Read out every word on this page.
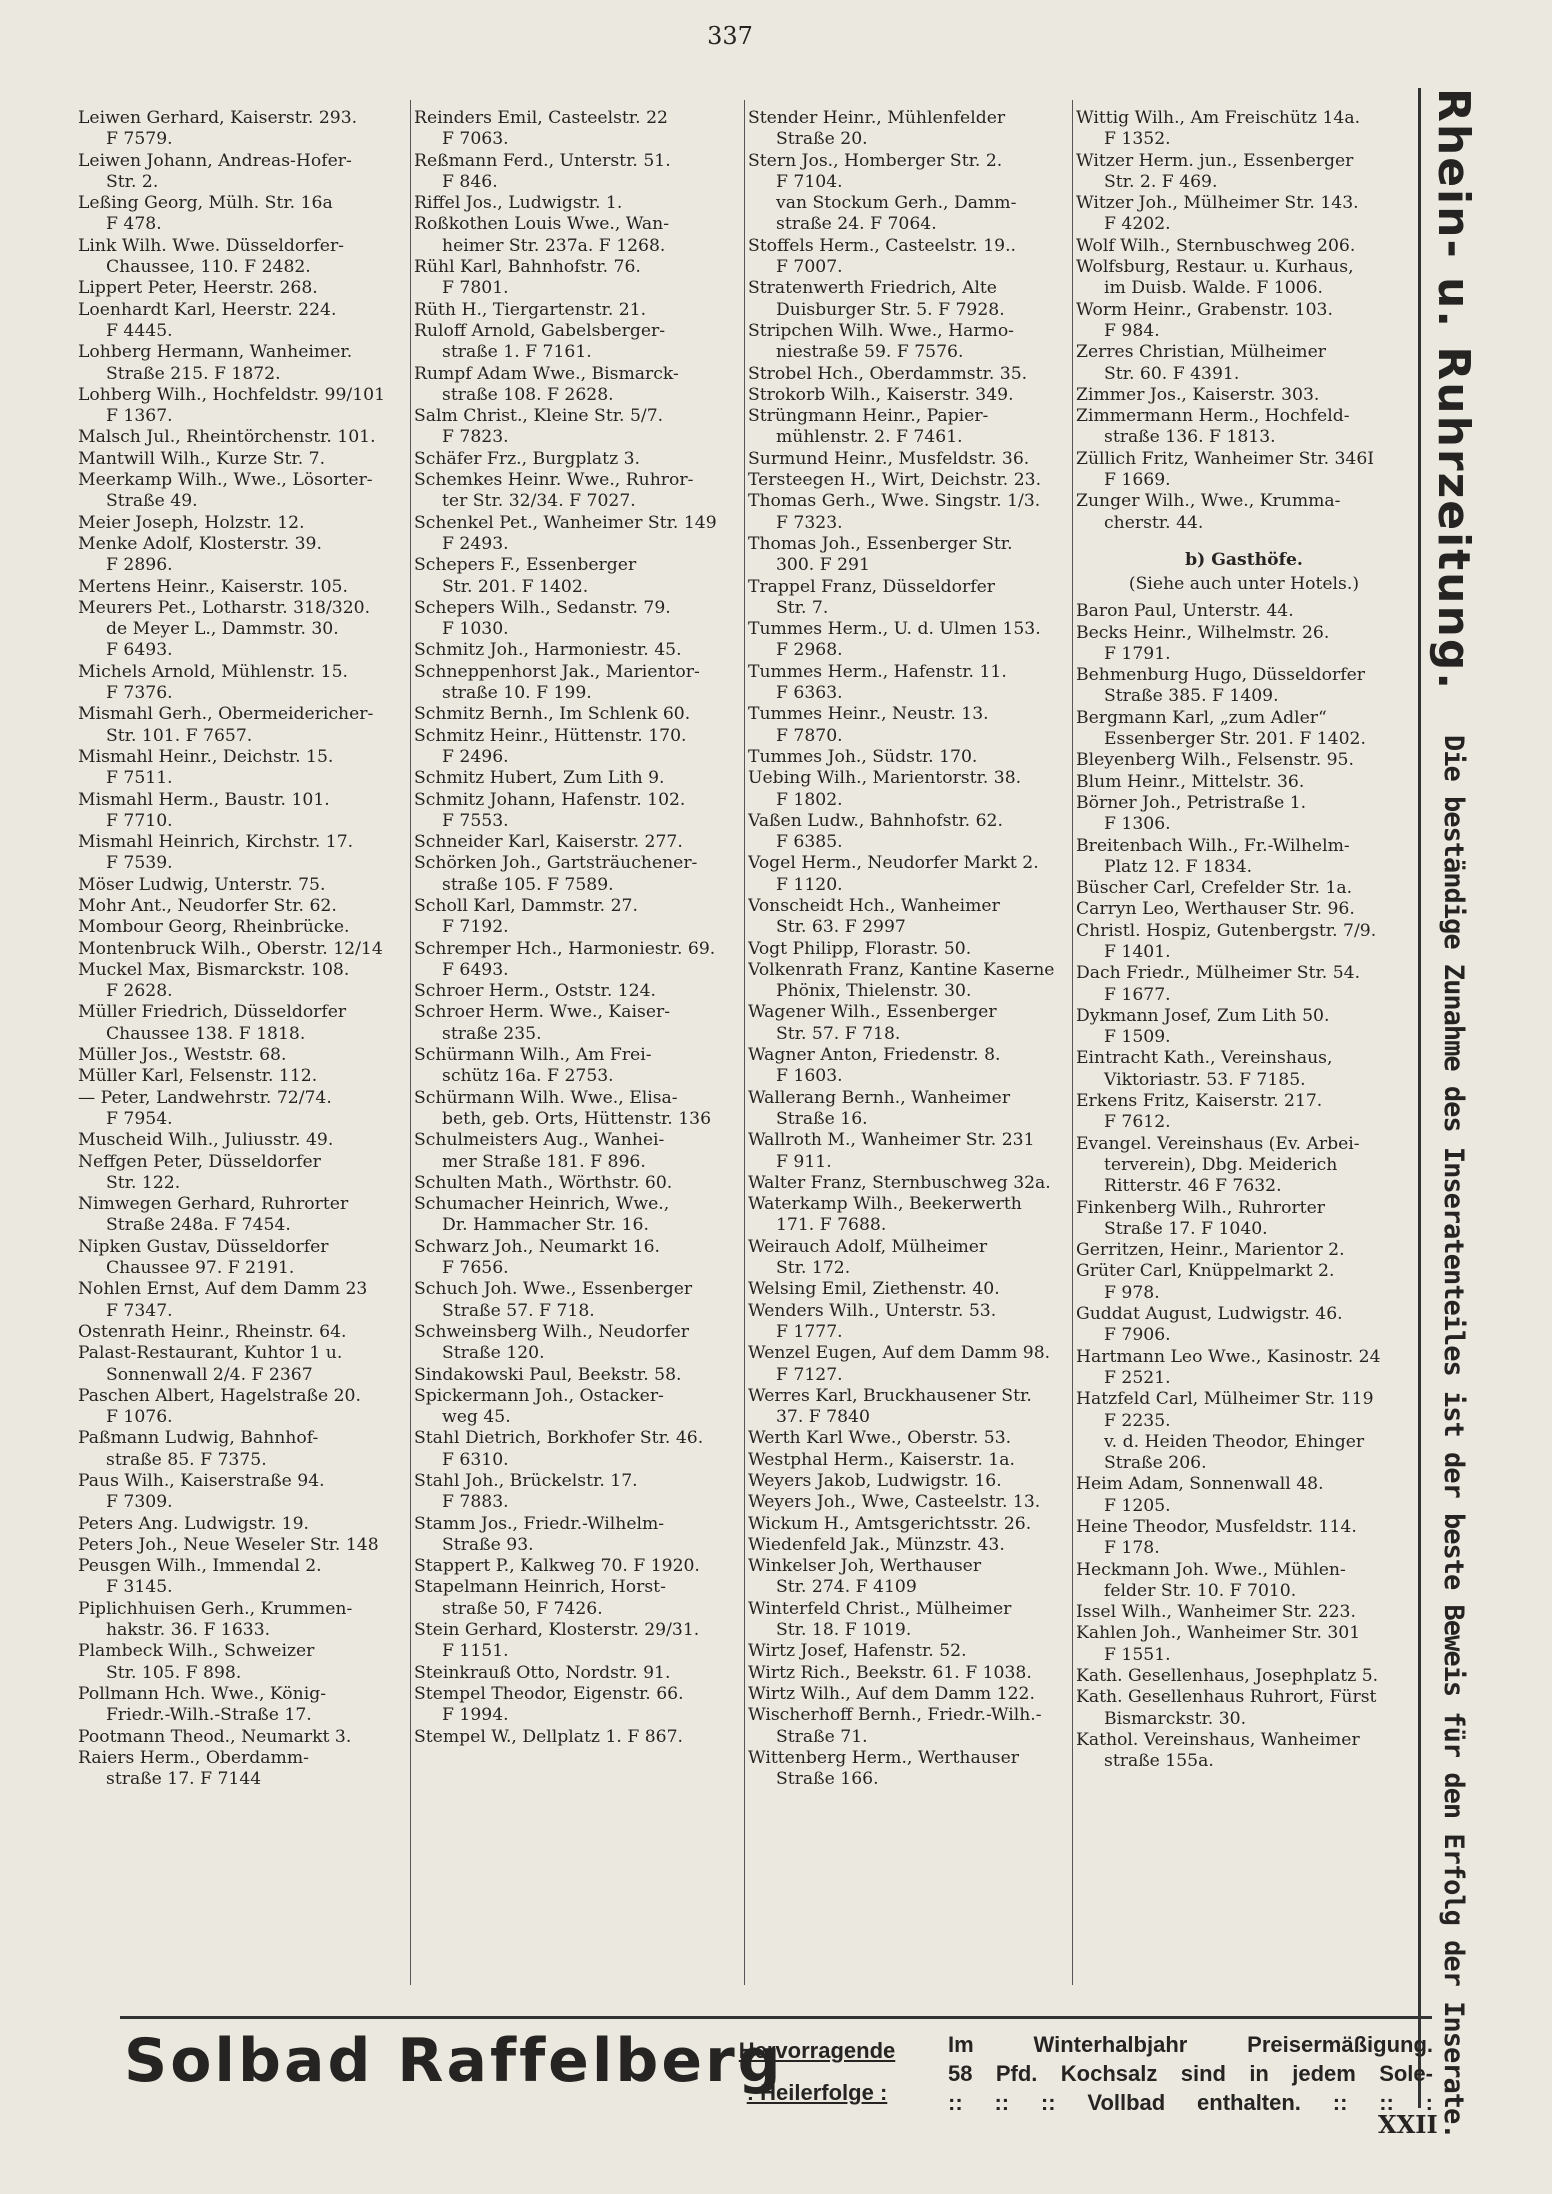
337
Leiwen Gerhard, Kaiserstr. 293.
F 7579.
Leiwen Johann, Andreas-Hofer-
Str. 2.
Leßing Georg, Mülh. Str. 16a
F 478.
Link Wilh. Wwe. Düsseldorfer-
Chaussee, 110. F 2482.
Lippert Peter, Heerstr. 268.
Loenhardt Karl, Heerstr. 224.
F 4445.
Lohberg Hermann, Wanheimer.
Straße 215. F 1872.
Lohberg Wilh., Hochfeldstr. 99/101
F 1367.
Malsch Jul., Rheintörchenstr. 101.
Mantwill Wilh., Kurze Str. 7.
Meerkamp Wilh., Wwe., Lösorter-
Straße 49.
Meier Joseph, Holzstr. 12.
Menke Adolf, Klosterstr. 39.
F 2896.
Mertens Heinr., Kaiserstr. 105.
Meurers Pet., Lotharstr. 318/320.
de Meyer L., Dammstr. 30.
F 6493.
Michels Arnold, Mühlenstr. 15.
F 7376.
Mismahl Gerh., Obermeidericher-
Str. 101. F 7657.
Mismahl Heinr., Deichstr. 15.
F 7511.
Mismahl Herm., Baustr. 101.
F 7710.
Mismahl Heinrich, Kirchstr. 17.
F 7539.
Möser Ludwig, Unterstr. 75.
Mohr Ant., Neudorfer Str. 62.
Mombour Georg, Rheinbrücke.
Montenbruck Wilh., Oberstr. 12/14
Muckel Max, Bismarckstr. 108.
F 2628.
Müller Friedrich, Düsseldorfer
Chaussee 138. F 1818.
Müller Jos., Weststr. 68.
Müller Karl, Felsenstr. 112.
— Peter, Landwehrstr. 72/74.
F 7954.
Muscheid Wilh., Juliusstr. 49.
Neffgen Peter, Düsseldorfer
Str. 122.
Nimwegen Gerhard, Ruhrorter
Straße 248a. F 7454.
Nipken Gustav, Düsseldorfer
Chaussee 97. F 2191.
Nohlen Ernst, Auf dem Damm 23
F 7347.
Ostenrath Heinr., Rheinstr. 64.
Palast-Restaurant, Kuhtor 1 u.
Sonnenwall 2/4. F 2367
Paschen Albert, Hagelstraße 20.
F 1076.
Paßmann Ludwig, Bahnhof-
straße 85. F 7375.
Paus Wilh., Kaiserstraße 94.
F 7309.
Peters Ang. Ludwigstr. 19.
Peters Joh., Neue Weseler Str. 148
Peusgen Wilh., Immendal 2.
F 3145.
Piplichhuisen Gerh., Krummen-
hakstr. 36. F 1633.
Plambeck Wilh., Schweizer
Str. 105. F 898.
Pollmann Hch. Wwe., König-
Friedr.-Wilh.-Straße 17.
Pootmann Theod., Neumarkt 3.
Raiers Herm., Oberdamm-
straße 17. F 7144
Reinders Emil, Casteelstr. 22
F 7063.
Reßmann Ferd., Unterstr. 51.
F 846.
Riffel Jos., Ludwigstr. 1.
Roßkothen Louis Wwe., Wan-
heimer Str. 237a. F 1268.
Rühl Karl, Bahnhofstr. 76.
F 7801.
Rüth H., Tiergartenstr. 21.
Ruloff Arnold, Gabelsberger-
straße 1. F 7161.
Rumpf Adam Wwe., Bismarck-
straße 108. F 2628.
Salm Christ., Kleine Str. 5/7.
F 7823.
Schäfer Frz., Burgplatz 3.
Schemkes Heinr. Wwe., Ruhror-
ter Str. 32/34. F 7027.
Schenkel Pet., Wanheimer Str. 149
F 2493.
Schepers F., Essenberger
Str. 201. F 1402.
Schepers Wilh., Sedanstr. 79.
F 1030.
Schmitz Joh., Harmoniestr. 45.
Schneppenhorst Jak., Marientor-
straße 10. F 199.
Schmitz Bernh., Im Schlenk 60.
Schmitz Heinr., Hüttenstr. 170.
F 2496.
Schmitz Hubert, Zum Lith 9.
Schmitz Johann, Hafenstr. 102.
F 7553.
Schneider Karl, Kaiserstr. 277.
Schörken Joh., Gartsträuchener-
straße 105. F 7589.
Scholl Karl, Dammstr. 27.
F 7192.
Schremper Hch., Harmoniestr. 69.
F 6493.
Schroer Herm., Oststr. 124.
Schroer Herm. Wwe., Kaiser-
straße 235.
Schürmann Wilh., Am Frei-
schütz 16a. F 2753.
Schürmann Wilh. Wwe., Elisa-
beth, geb. Orts, Hüttenstr. 136
Schulmeisters Aug., Wanhei-
mer Straße 181. F 896.
Schulten Math., Wörthstr. 60.
Schumacher Heinrich, Wwe.,
Dr. Hammacher Str. 16.
Schwarz Joh., Neumarkt 16.
F 7656.
Schuch Joh. Wwe., Essenberger
Straße 57. F 718.
Schweinsberg Wilh., Neudorfer
Straße 120.
Sindakowski Paul, Beekstr. 58.
Spickermann Joh., Ostacker-
weg 45.
Stahl Dietrich, Borkhofer Str. 46.
F 6310.
Stahl Joh., Brückelstr. 17.
F 7883.
Stamm Jos., Friedr.-Wilhelm-
Straße 93.
Stappert P., Kalkweg 70. F 1920.
Stapelmann Heinrich, Horst-
straße 50, F 7426.
Stein Gerhard, Klosterstr. 29/31.
F 1151.
Steinkrauß Otto, Nordstr. 91.
Stempel Theodor, Eigenstr. 66.
F 1994.
Stempel W., Dellplatz 1. F 867.
Stender Heinr., Mühlenfelder
Straße 20.
Stern Jos., Homberger Str. 2.
F 7104.
van Stockum Gerh., Damm-
straße 24. F 7064.
Stoffels Herm., Casteelstr. 19..
F 7007.
Stratenwerth Friedrich, Alte
Duisburger Str. 5. F 7928.
Stripchen Wilh. Wwe., Harmo-
niestraße 59. F 7576.
Strobel Hch., Oberdammstr. 35.
Strokorb Wilh., Kaiserstr. 349.
Strüngmann Heinr., Papier-
mühlenstr. 2. F 7461.
Surmund Heinr., Musfeldstr. 36.
Tersteegen H., Wirt, Deichstr. 23.
Thomas Gerh., Wwe. Singstr. 1/3.
F 7323.
Thomas Joh., Essenberger Str.
300. F 291
Trappel Franz, Düsseldorfer
Str. 7.
Tummes Herm., U. d. Ulmen 153.
F 2968.
Tummes Herm., Hafenstr. 11.
F 6363.
Tummes Heinr., Neustr. 13.
F 7870.
Tummes Joh., Südstr. 170.
Uebing Wilh., Marientorstr. 38.
F 1802.
Vaßen Ludw., Bahnhofstr. 62.
F 6385.
Vogel Herm., Neudorfer Markt 2.
F 1120.
Vonscheidt Hch., Wanheimer
Str. 63. F 2997
Vogt Philipp, Florastr. 50.
Volkenrath Franz, Kantine Kaserne
Phönix, Thielenstr. 30.
Wagener Wilh., Essenberger
Str. 57. F 718.
Wagner Anton, Friedenstr. 8.
F 1603.
Wallerang Bernh., Wanheimer
Straße 16.
Wallroth M., Wanheimer Str. 231
F 911.
Walter Franz, Sternbuschweg 32a.
Waterkamp Wilh., Beekerwerth
171. F 7688.
Weirauch Adolf, Mülheimer
Str. 172.
Welsing Emil, Ziethenstr. 40.
Wenders Wilh., Unterstr. 53.
F 1777.
Wenzel Eugen, Auf dem Damm 98.
F 7127.
Werres Karl, Bruckhausener Str.
37. F 7840
Werth Karl Wwe., Oberstr. 53.
Westphal Herm., Kaiserstr. 1a.
Weyers Jakob, Ludwigstr. 16.
Weyers Joh., Wwe, Casteelstr. 13.
Wickum H., Amtsgerichtsstr. 26.
Wiedenfeld Jak., Münzstr. 43.
Winkelser Joh, Werthauser
Str. 274. F 4109
Winterfeld Christ., Mülheimer
Str. 18. F 1019.
Wirtz Josef, Hafenstr. 52.
Wirtz Rich., Beekstr. 61. F 1038.
Wirtz Wilh., Auf dem Damm 122.
Wischerhoff Bernh., Friedr.-Wilh.-
Straße 71.
Wittenberg Herm., Werthauser
Straße 166.
Wittig Wilh., Am Freischütz 14a.
F 1352.
Witzer Herm. jun., Essenberger
Str. 2. F 469.
Witzer Joh., Mülheimer Str. 143.
F 4202.
Wolf Wilh., Sternbuschweg 206.
Wolfsburg, Restaur. u. Kurhaus,
im Duisb. Walde. F 1006.
Worm Heinr., Grabenstr. 103.
F 984.
Zerres Christian, Mülheimer
Str. 60. F 4391.
Zimmer Jos., Kaiserstr. 303.
Zimmermann Herm., Hochfeld-
straße 136. F 1813.
Züllich Fritz, Wanheimer Str. 346I
F 1669.
Zunger Wilh., Wwe., Krumma-
cherstr. 44.
b) Gasthöfe.
(Siehe auch unter Hotels.)
Baron Paul, Unterstr. 44.
Becks Heinr., Wilhelmstr. 26.
F 1791.
Behmenburg Hugo, Düsseldorfer
Straße 385. F 1409.
Bergmann Karl, „zum Adler“
Essenberger Str. 201. F 1402.
Bleyenberg Wilh., Felsenstr. 95.
Blum Heinr., Mittelstr. 36.
Börner Joh., Petristraße 1.
F 1306.
Breitenbach Wilh., Fr.-Wilhelm-
Platz 12. F 1834.
Büscher Carl, Crefelder Str. 1a.
Carryn Leo, Werthauser Str. 96.
Christl. Hospiz, Gutenbergstr. 7/9.
F 1401.
Dach Friedr., Mülheimer Str. 54.
F 1677.
Dykmann Josef, Zum Lith 50.
F 1509.
Eintracht Kath., Vereinshaus,
Viktoriastr. 53. F 7185.
Erkens Fritz, Kaiserstr. 217.
F 7612.
Evangel. Vereinshaus (Ev. Arbei-
terverein), Dbg. Meiderich
Ritterstr. 46 F 7632.
Finkenberg Wilh., Ruhrorter
Straße 17. F 1040.
Gerritzen, Heinr., Marientor 2.
Grüter Carl, Knüppelmarkt 2.
F 978.
Guddat August, Ludwigstr. 46.
F 7906.
Hartmann Leo Wwe., Kasinostr. 24
F 2521.
Hatzfeld Carl, Mülheimer Str. 119
F 2235.
v. d. Heiden Theodor, Ehinger
Straße 206.
Heim Adam, Sonnenwall 48.
F 1205.
Heine Theodor, Musfeldstr. 114.
F 178.
Heckmann Joh. Wwe., Mühlen-
felder Str. 10. F 7010.
Issel Wilh., Wanheimer Str. 223.
Kahlen Joh., Wanheimer Str. 301
F 1551.
Kath. Gesellenhaus, Josephplatz 5.
Kath. Gesellenhaus Ruhrort, Fürst
Bismarckstr. 30.
Kathol. Vereinshaus, Wanheimer
straße 155a.
Rhein- u. Ruhrzeitung. Die beständige Zunahme des Inseratenteiles ist der beste Beweis für den Erfolg der Inserate.
Solbad Raffelberg
Hervorragende
: Heilerfolge :
Im Winterhalbjahr Preisermäßigung.
58 Pfd. Kochsalz sind in jedem Sole-
:: :: :: Vollbad enthalten. :: :: :
XXII
